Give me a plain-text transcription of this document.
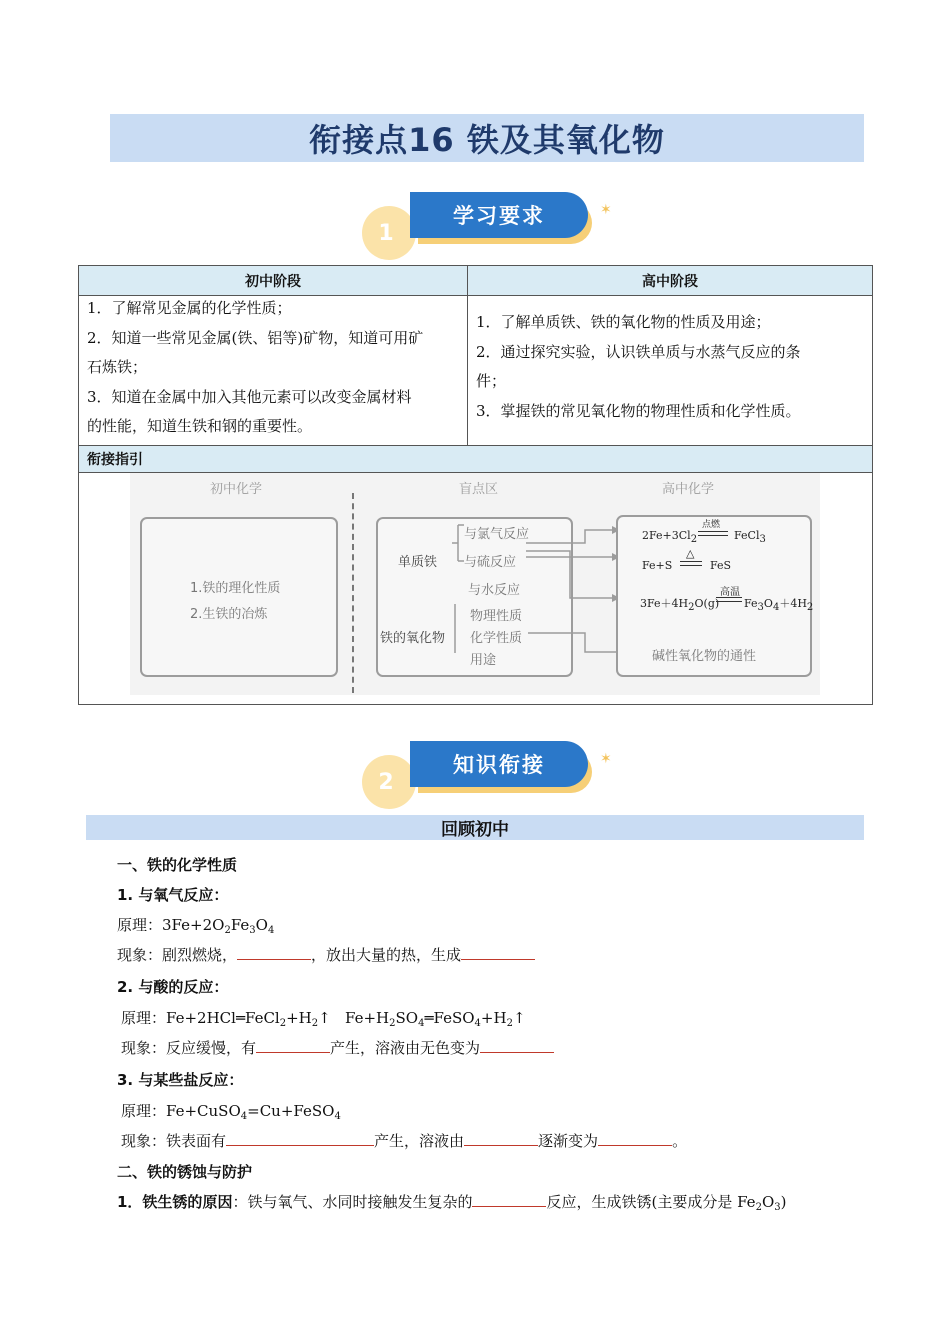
衔接点16 铁及其氧化物
1
学习要求	✶
初中阶段	高中阶段
1．了解常见金属的化学性质；
2．知道一些常见金属(铁、铝等)矿物，知道可用矿
石炼铁；
3．知道在金属中加入其他元素可以改变金属材料
的性能，知道生铁和钢的重要性。
1．了解单质铁、铁的氧化物的性质及用途；
2．通过探究实验，认识铁单质与水蒸气反应的条
件；
3．掌握铁的常见氧化物的物理性质和化学性质。
衔接指引
初中化学	盲点区	高中化学
1.铁的理化性质
2.生铁的冶炼
单质铁
铁的氧化物
与氯气反应
与硫反应
与水反应
物理性质
化学性质
用途
$2Fe+3Cl_2$
点燃
FeCl$_3$
Fe+S
△
FeS
$3Fe+4H_2O(g)$
高温
$Fe_3O_4+4H_2$
碱性氧化物的通性
2
知识衔接	✶
回顾初中
一、铁的化学性质
1. 与氧气反应：
原理：$3Fe+2O_2Fe_3O_4$
现象：剧烈燃烧，	，放出大量的热，生成
2. 与酸的反应：
原理：$Fe+2HCl═FeCl_2+H_2↑$   $Fe+H_2SO_4═FeSO_4+H_2↑$
现象：反应缓慢，有	产生，溶液由无色变为
3. 与某些盐反应：
原理：Fe+CuSO$_4$=Cu+FeSO$_4$
现象：铁表面有	产生，溶液由	逐渐变为	。
二、铁的锈蚀与防护
1．铁生锈的原因：铁与氧气、水同时接触发生复杂的	反应，生成铁锈(主要成分是 $Fe_2O_3$)
